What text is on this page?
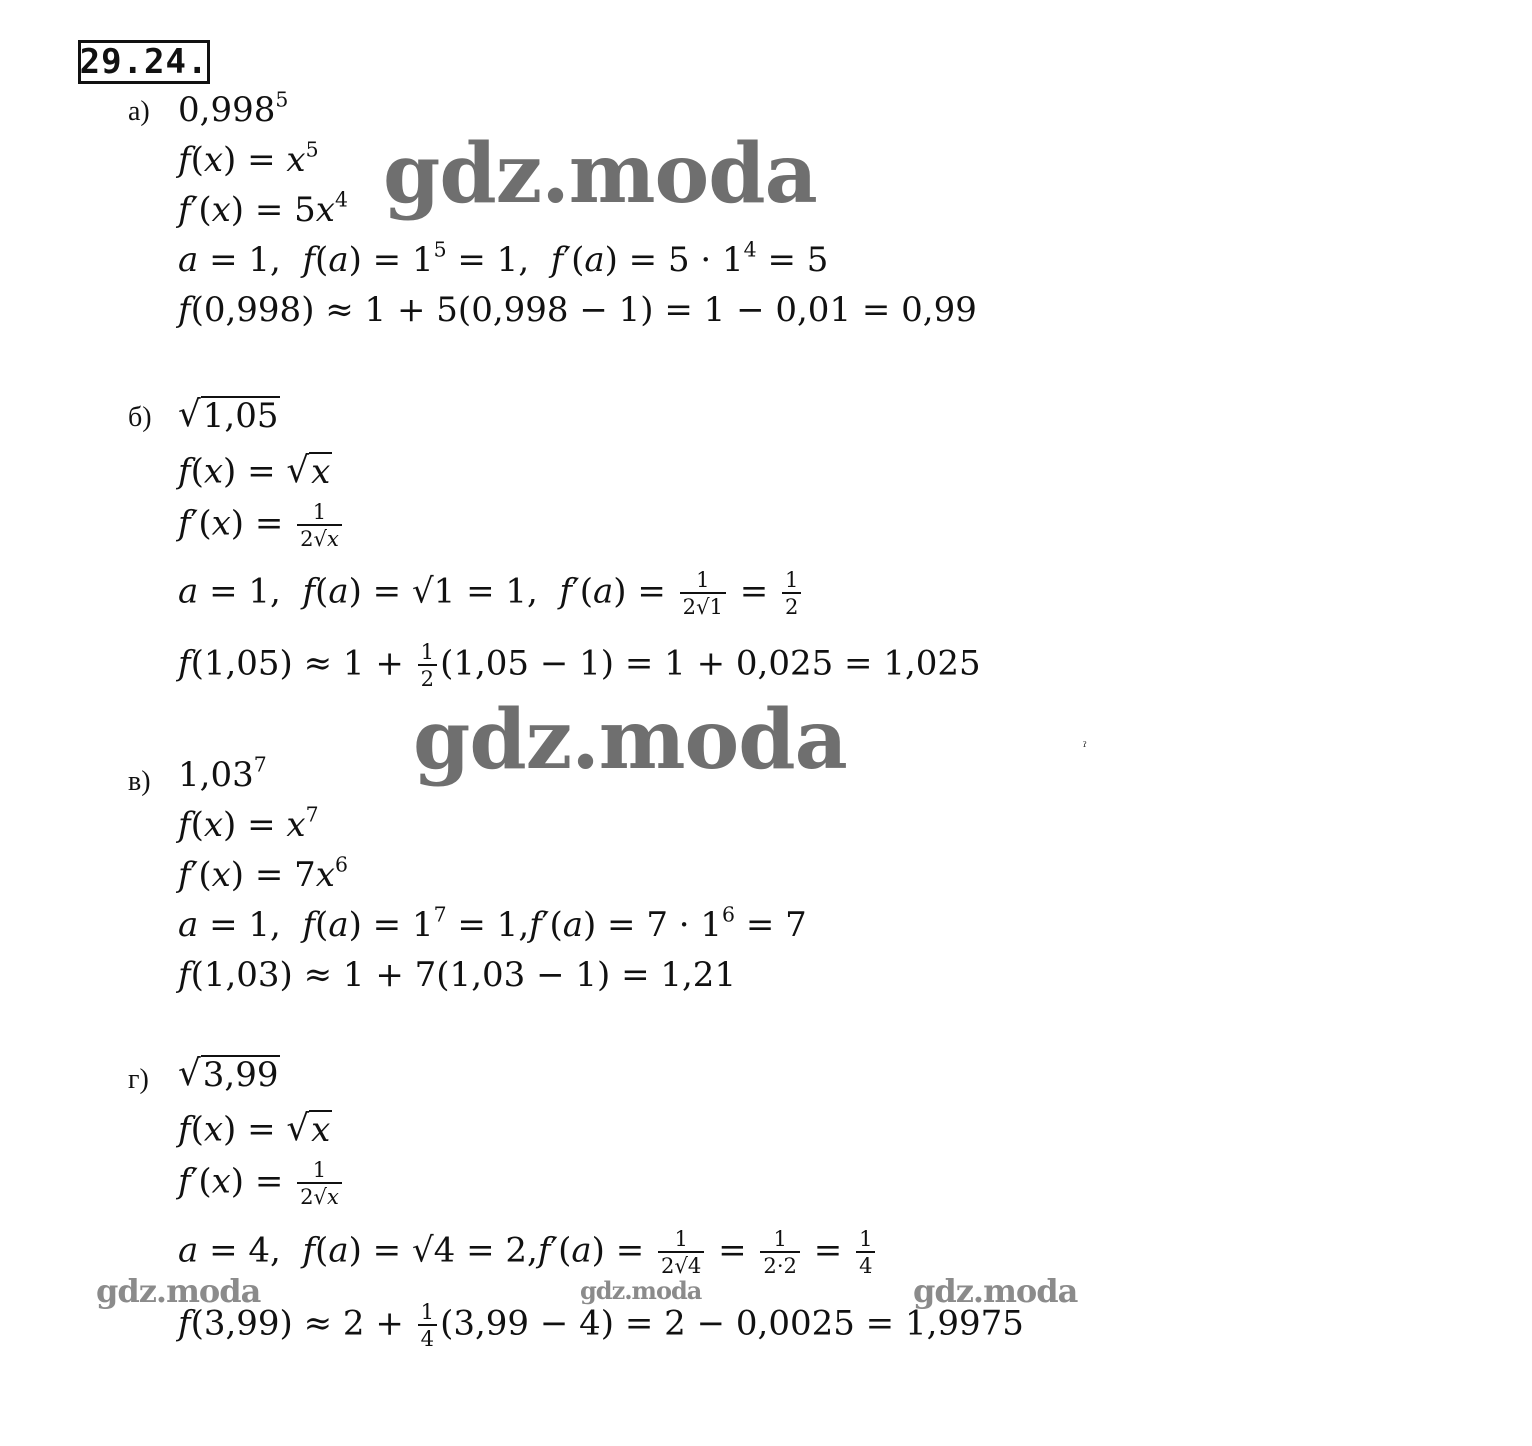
29.24.
а) 0,998$^5$
$f(x) = x^5$
$f'(x) = 5x^4$
a = 1,  $f(a) = 1^5 = 1$,  $f'(a) = 5 \cdot 1^4 = 5$
f(0,998) ≈ 1 + 5(0,998 − 1) = 1 − 0,01 = 0,99
б) √ 1,05
f(x) = √ x
$f'(x) = \frac{1}{2√x}$
a = 1,  f(a) = √1 = 1,  $f'(a) = \frac{1}{2√1} = \frac{1}{2}$
$f(1,05) \approx 1 + \frac{1}{2} (1,05 - 1) = 1 + 0,025 = 1,025$
в) 1,03$^7$
$f(x) = x^7$
$f'(x) = 7x^6$
a = 1,  $f(a) = 1^7 = 1,f'(a) = 7 \cdot 1^6 = 7$
f(1,03) ≈ 1 + 7(1,03 − 1) = 1,21
г) √ 3,99
f(x) = √ x
$f'(x) = \frac{1}{2√x}$
a = 4,  $f(a) = √4 = 2,f'(a) = \frac{1}{2√4} = \frac{1}{2\cdot 2} = \frac{1}{4}$
$f(3,99) \approx 2 + \frac{1}{4} (3,99 - 4) = 2 - 0,0025 = 1,9975$
gdz.moda
gdz.moda
gdz.moda	gdz.moda	gdz.moda
ˀ
